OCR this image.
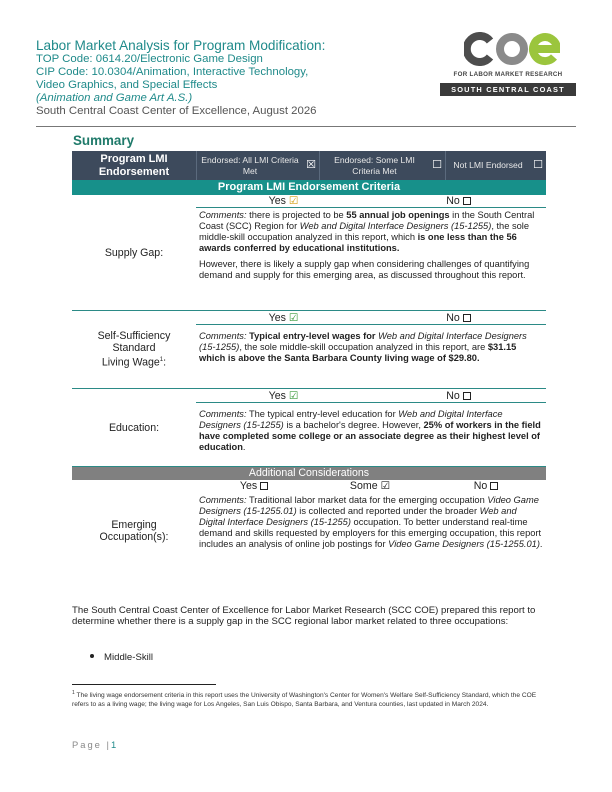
Labor Market Analysis for Program Modification:
TOP Code: 0614.20/Electronic Game Design
CIP Code: 10.0304/Animation, Interactive Technology,
Video Graphics, and Special Effects
(Animation and Game Art A.S.)
South Central Coast Center of Excellence, August 2026
FOR LABOR MARKET RESEARCH
SOUTH CENTRAL COAST
Summary
Program LMI Endorsement
Endorsed: All LMI Criteria Met	☒	Endorsed: Some LMI Criteria Met	☐	Not LMI Endorsed ☐
Program LMI Endorsement Criteria
Supply Gap:
Yes ☑	No

Comments: there is projected to be 55 annual job openings in the South Central Coast (SCC) Region for Web and Digital Interface Designers (15-1255), the sole middle-skill occupation analyzed in this report, which is one less than the 56 awards conferred by educational institutions.

However, there is likely a supply gap when considering challenges of quantifying demand and supply for this emerging area, as discussed throughout this report.

Self-Sufficiency
Standard
Living Wage$^1$:
Yes ☑	No
Comments: Typical entry-level wages for Web and Digital Interface Designers (15-1255), the sole middle-skill occupation analyzed in this report, are $31.15 which is above the Santa Barbara County living wage of $29.80.
Education:
Yes ☑	No
Comments: The typical entry-level education for Web and Digital Interface Designers (15-1255) is a bachelor's degree. However, 25% of workers in the field have completed some college or an associate degree as their highest level of education.
Additional Considerations
Emerging
Occupation(s):
Yes	Some ☑	No
Comments: Traditional labor market data for the emerging occupation Video Game Designers (15-1255.01) is collected and reported under the broader Web and Digital Interface Designers (15-1255) occupation. To better understand real-time demand and skills requested by employers for this emerging occupation, this report includes an analysis of online job postings for Video Game Designers (15-1255.01).
The South Central Coast Center of Excellence for Labor Market Research (SCC COE) prepared this report to determine whether there is a supply gap in the SCC regional labor market related to three occupations:
Middle-Skill
$^1$ The living wage endorsement criteria in this report uses the University of Washington's Center for Women's Welfare Self-Sufficiency Standard, which the COE refers to as a living wage; the living wage for Los Angeles, San Luis Obispo, Santa Barbara, and Ventura counties, last updated in March 2024.
Page |1
